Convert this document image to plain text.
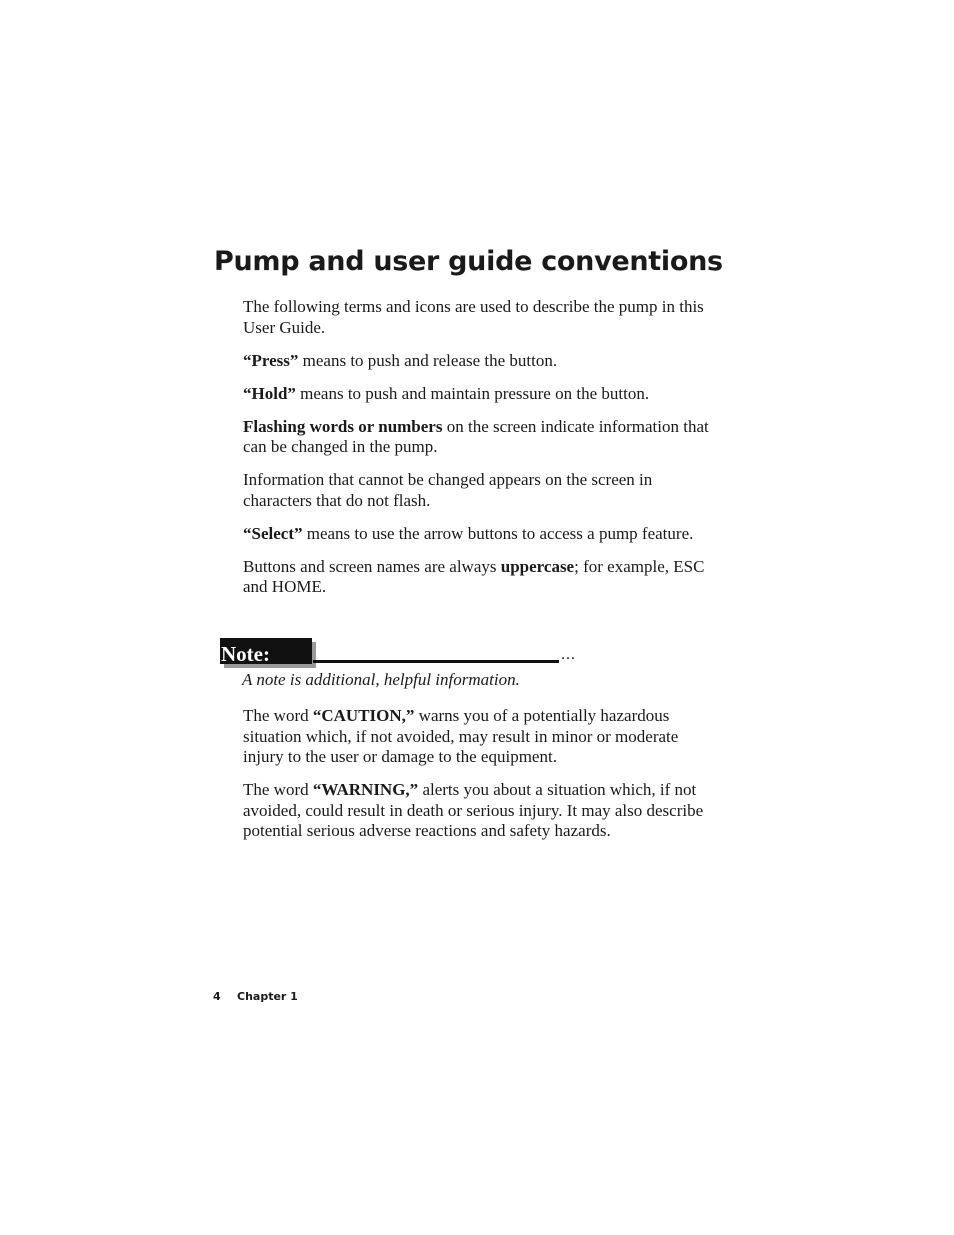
Pump and user guide conventions

The following terms and icons are used to describe the pump in this User Guide.

“Press” means to push and release the button.

“Hold” means to push and maintain pressure on the button.

Flashing words or numbers on the screen indicate information that can be changed in the pump.

Information that cannot be changed appears on the screen in characters that do not flash.

“Select” means to use the arrow buttons to access a pump feature.

Buttons and screen names are always uppercase; for example, ESC and HOME.

Note:	...

A note is additional, helpful information.

The word “CAUTION,” warns you of a potentially hazardous situation which, if not avoided, may result in minor or moderate injury to the user or damage to the equipment.

The word “WARNING,” alerts you about a situation which, if not avoided, could result in death or serious injury. It may also describe potential serious adverse reactions and safety hazards.

4 Chapter 1
